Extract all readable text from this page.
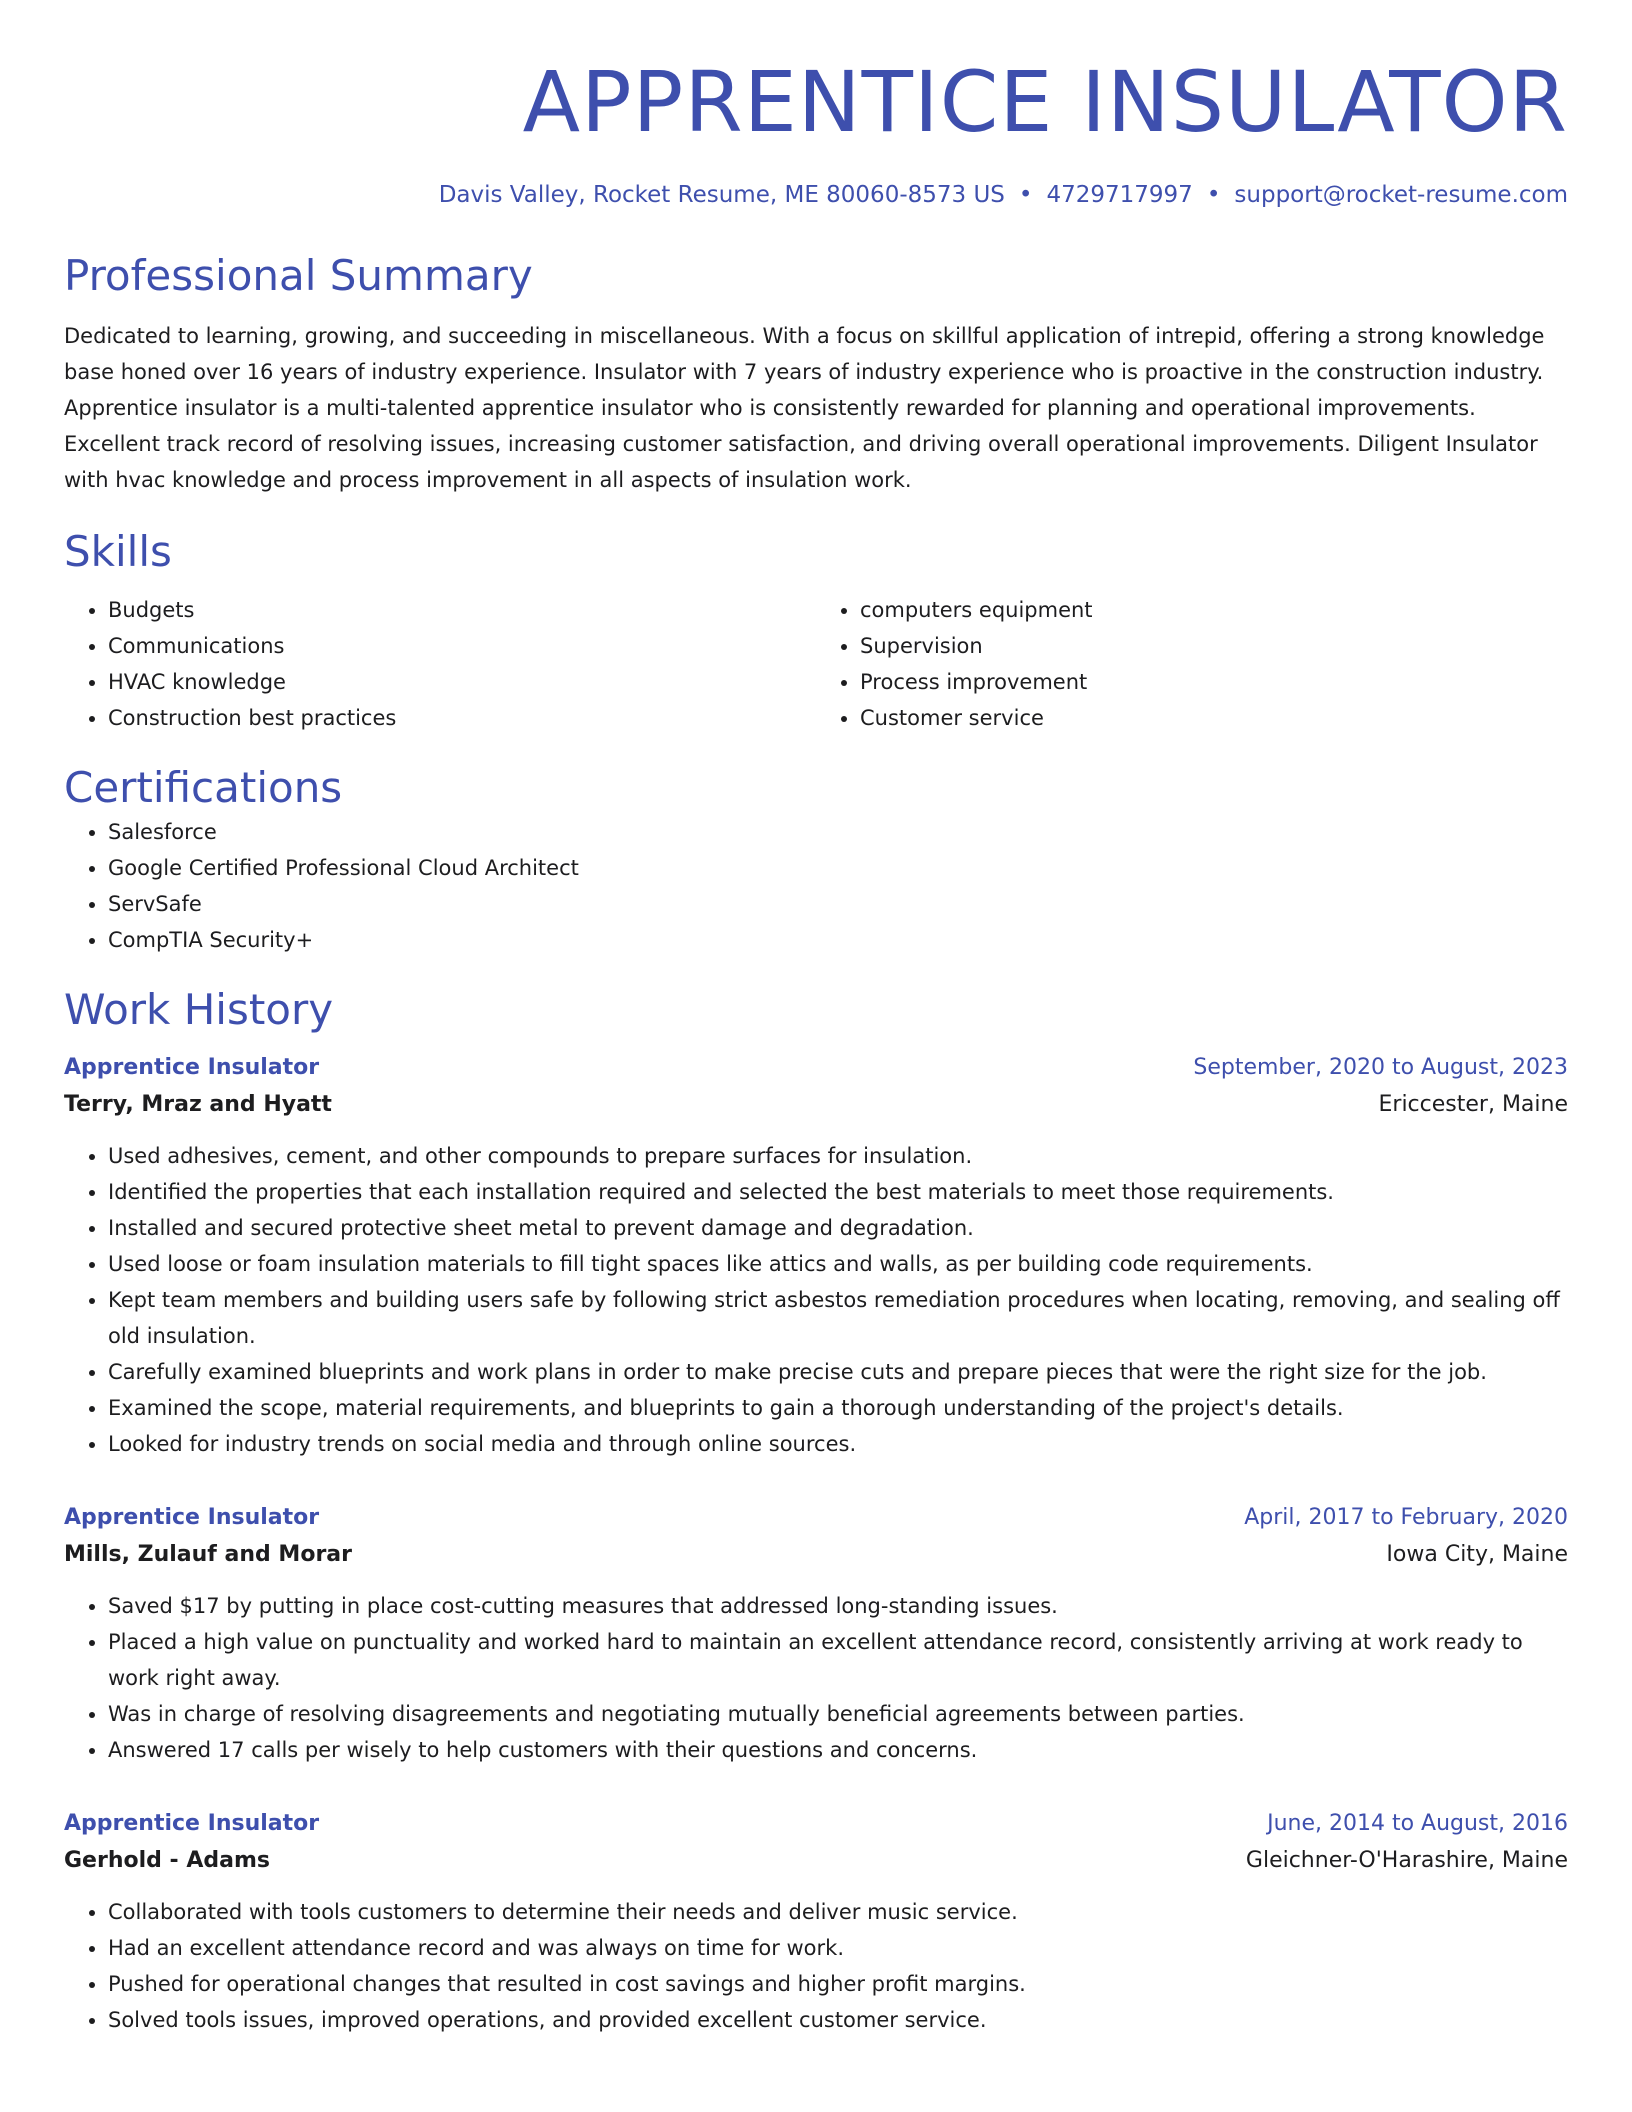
APPRENTICE INSULATOR
Davis Valley, Rocket Resume, ME 80060-8573 US • 4729717997 • support@rocket-resume.com
Professional Summary
Dedicated to learning, growing, and succeeding in miscellaneous. With a focus on skillful application of intrepid, offering a strong knowledge base honed over 16 years of industry experience. Insulator with 7 years of industry experience who is proactive in the construction industry. Apprentice insulator is a multi-talented apprentice insulator who is consistently rewarded for planning and operational improvements. Excellent track record of resolving issues, increasing customer satisfaction, and driving overall operational improvements. Diligent Insulator with hvac knowledge and process improvement in all aspects of insulation work.
Skills
• Budgets
• Communications
• HVAC knowledge
• Construction best practices
• computers equipment
• Supervision
• Process improvement
• Customer service
Certifications
• Salesforce
• Google Certified Professional Cloud Architect
• ServSafe
• CompTIA Security+
Work History
Apprentice Insulator	September, 2020 to August, 2023
Terry, Mraz and Hyatt	Ericcester, Maine
• Used adhesives, cement, and other compounds to prepare surfaces for insulation.
• Identified the properties that each installation required and selected the best materials to meet those requirements.
• Installed and secured protective sheet metal to prevent damage and degradation.
• Used loose or foam insulation materials to fill tight spaces like attics and walls, as per building code requirements.
• Kept team members and building users safe by following strict asbestos remediation procedures when locating, removing, and sealing off old insulation.
• Carefully examined blueprints and work plans in order to make precise cuts and prepare pieces that were the right size for the job.
• Examined the scope, material requirements, and blueprints to gain a thorough understanding of the project's details.
• Looked for industry trends on social media and through online sources.
Apprentice Insulator	April, 2017 to February, 2020
Mills, Zulauf and Morar	Iowa City, Maine
• Saved $17 by putting in place cost-cutting measures that addressed long-standing issues.
• Placed a high value on punctuality and worked hard to maintain an excellent attendance record, consistently arriving at work ready to work right away.
• Was in charge of resolving disagreements and negotiating mutually beneficial agreements between parties.
• Answered 17 calls per wisely to help customers with their questions and concerns.
Apprentice Insulator	June, 2014 to August, 2016
Gerhold - Adams	Gleichner-O'Harashire, Maine
• Collaborated with tools customers to determine their needs and deliver music service.
• Had an excellent attendance record and was always on time for work.
• Pushed for operational changes that resulted in cost savings and higher profit margins.
• Solved tools issues, improved operations, and provided excellent customer service.
